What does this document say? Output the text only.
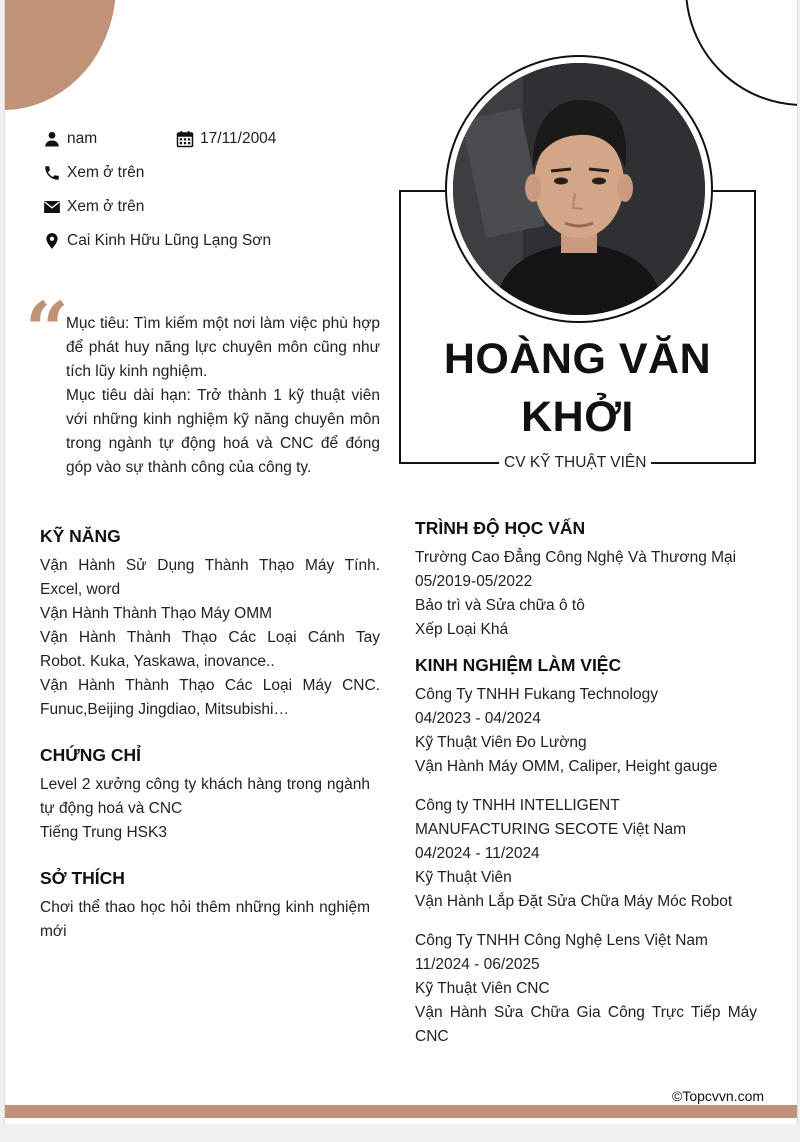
nam	17/11/2004
Xem ở trên
Xem ở trên
Cai Kinh Hữu Lũng Lạng Sơn
“

Mục tiêu: Tìm kiếm một nơi làm việc phù hợp để phát huy năng lực chuyên môn cũng như tích lũy kinh nghiệm.

Mục tiêu dài hạn: Trở thành 1 kỹ thuật viên với những kinh nghiệm kỹ năng chuyên môn trong ngành tự động hoá và CNC để đóng góp vào sự thành công của công ty.

HOÀNG VĂN
KHỞI
CV KỸ THUẬT VIÊN
KỸ NĂNG
Vận Hành Sử Dụng Thành Thạo Máy Tính. Excel, word
Vận Hành Thành Thạo Máy OMM
Vận Hành Thành Thạo Các Loại Cánh Tay Robot. Kuka, Yaskawa, inovance..
Vận Hành Thành Thạo Các Loại Máy CNC. Funuc,Beijing Jingdiao, Mitsubishi…
CHỨNG CHỈ
Level 2 xưởng công ty khách hàng trong ngành tự động hoá và CNC
Tiếng Trung HSK3
SỞ THÍCH
Chơi thể thao học hỏi thêm những kinh nghiệm mới
TRÌNH ĐỘ HỌC VẤN
Trường Cao Đẳng Công Nghệ Và Thương Mại
05/2019-05/2022
Bảo trì và Sửa chữa ô tô
Xếp Loại Khá
KINH NGHIỆM LÀM VIỆC
Công Ty TNHH Fukang Technology
04/2023 - 04/2024
Kỹ Thuật Viên Đo Lường
Vận Hành Máy OMM, Caliper, Height gauge
Công ty TNHH INTELLIGENT MANUFACTURING SECOTE Việt Nam
04/2024 - 11/2024
Kỹ Thuật Viên
Vận Hành Lắp Đặt Sửa Chữa Máy Móc Robot
Công Ty TNHH Công Nghệ Lens Việt Nam
11/2024 - 06/2025
Kỹ Thuật Viên CNC
Vận Hành Sửa Chữa Gia Công Trực Tiếp Máy CNC
©Topcvvn.com
